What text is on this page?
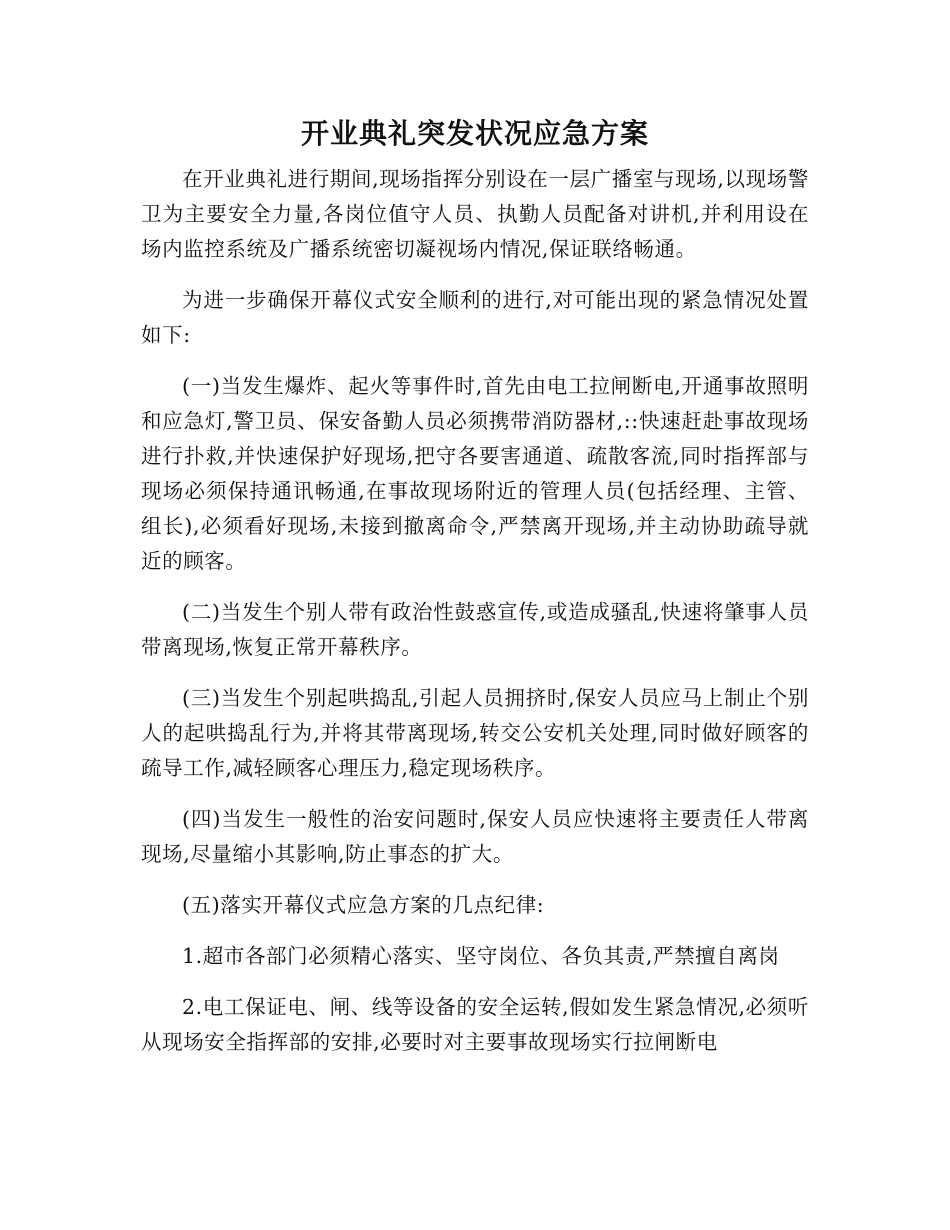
开业典礼突发状况应急方案

在开业典礼进行期间,现场指挥分别设在一层广播室与现场,以现场警卫为主要安全力量,各岗位值守人员、执勤人员配备对讲机,并利用设在场内监控系统及广播系统密切凝视场内情况,保证联络畅通。

为进一步确保开幕仪式安全顺利的进行,对可能出现的紧急情况处置如下:

(一)当发生爆炸、起火等事件时,首先由电工拉闸断电,开通事故照明和应急灯,警卫员、保安备勤人员必须携带消防器材,::快速赶赴事故现场进行扑救,并快速保护好现场,把守各要害通道、疏散客流,同时指挥部与现场必须保持通讯畅通,在事故现场附近的管理人员(包括经理、主管、组长),必须看好现场,未接到撤离命令,严禁离开现场,并主动协助疏导就近的顾客。

(二)当发生个别人带有政治性鼓惑宣传,或造成骚乱,快速将肇事人员带离现场,恢复正常开幕秩序。

(三)当发生个别起哄捣乱,引起人员拥挤时,保安人员应马上制止个别人的起哄捣乱行为,并将其带离现场,转交公安机关处理,同时做好顾客的疏导工作,减轻顾客心理压力,稳定现场秩序。

(四)当发生一般性的治安问题时,保安人员应快速将主要责任人带离现场,尽量缩小其影响,防止事态的扩大。

(五)落实开幕仪式应急方案的几点纪律:

1.超市各部门必须精心落实、坚守岗位、各负其责,严禁擅自离岗

2.电工保证电、闸、线等设备的安全运转,假如发生紧急情况,必须听从现场安全指挥部的安排,必要时对主要事故现场实行拉闸断电
